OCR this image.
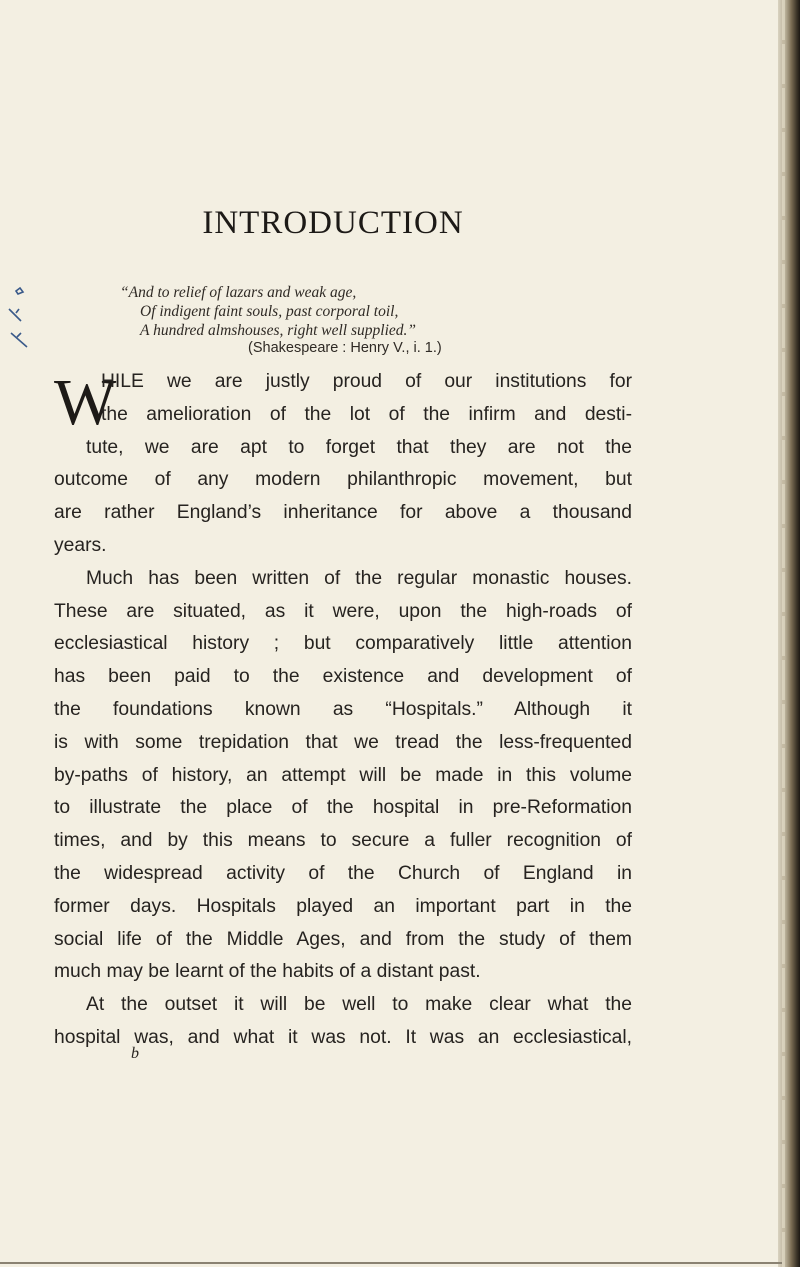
INTRODUCTION
“And to relief of lazars and weak age,
Of indigent faint souls, past corporal toil,
A hundred almshouses, right well supplied.”
(Shakespeare : Henry V., i. 1.)
W
HILE we are justly proud of our institutions for
the amelioration of the lot of the infirm and desti-
tute, we are apt to forget that they are not the
outcome of any modern philanthropic movement, but
are rather England’s inheritance for above a thousand
years.
Much has been written of the regular monastic houses.
These are situated, as it were, upon the high-roads of
ecclesiastical history ; but comparatively little attention
has been paid to the existence and development of
the foundations known as “Hospitals.” Although it
is with some trepidation that we tread the less-frequented
by-paths of history, an attempt will be made in this volume
to illustrate the place of the hospital in pre-Reformation
times, and by this means to secure a fuller recognition of
the widespread activity of the Church of England in
former days. Hospitals played an important part in the
social life of the Middle Ages, and from the study of them
much may be learnt of the habits of a distant past.
At the outset it will be well to make clear what the
hospital was, and what it was not. It was an ecclesiastical,
b
